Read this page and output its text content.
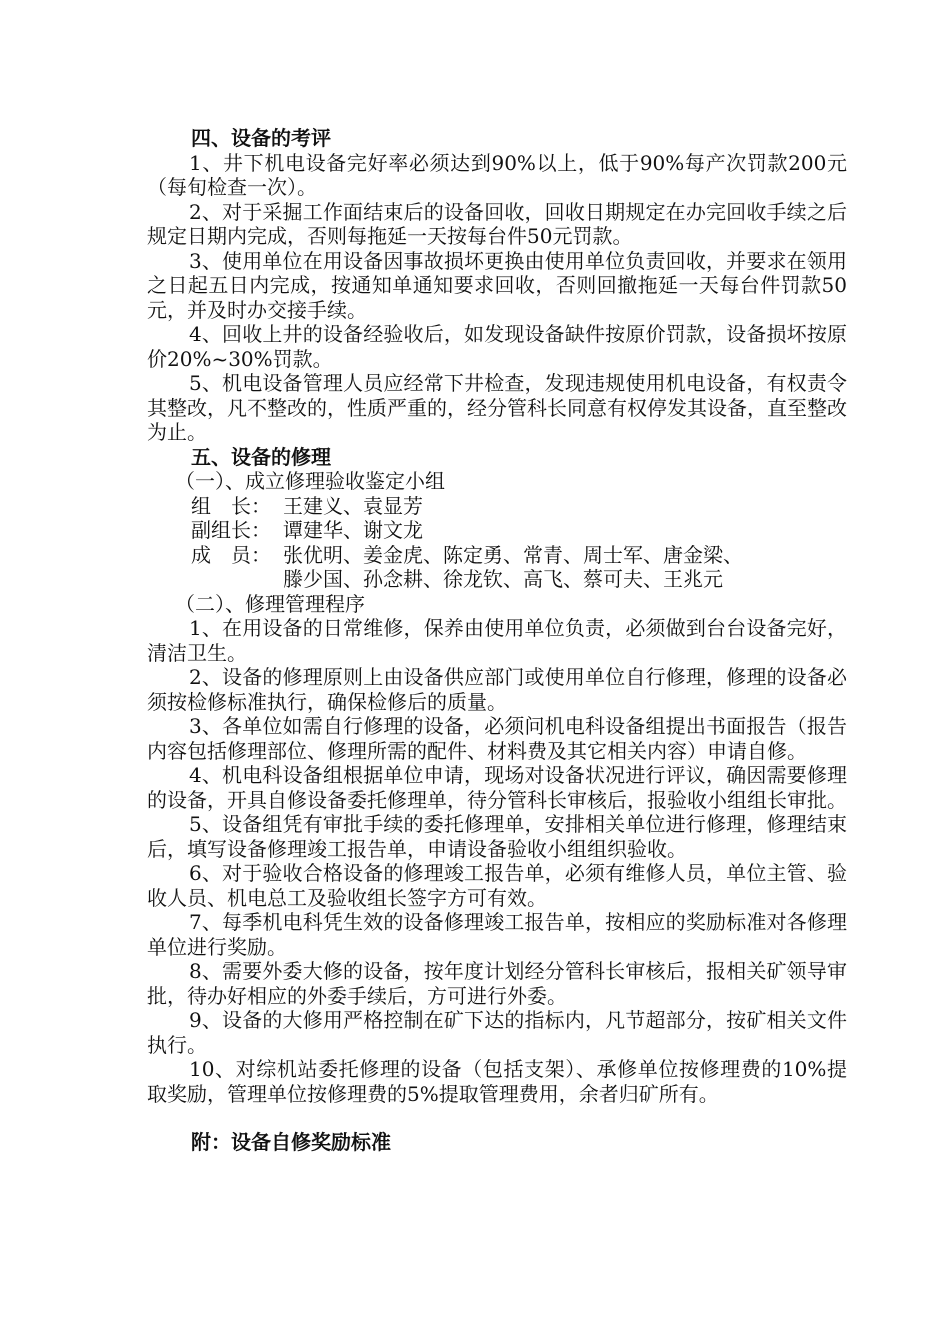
四、设备的考评

1、井下机电设备完好率必须达到90%以上，低于90%每产次罚款200元（每旬检查一次）。

2、对于采掘工作面结束后的设备回收，回收日期规定在办完回收手续之后规定日期内完成，否则每拖延一天按每台件50元罚款。

3、使用单位在用设备因事故损坏更换由使用单位负责回收，并要求在领用之日起五日内完成，按通知单通知要求回收，否则回撤拖延一天每台件罚款50元，并及时办交接手续。

4、回收上井的设备经验收后，如发现设备缺件按原价罚款，设备损坏按原价20%~30%罚款。

5、机电设备管理人员应经常下井检查，发现违规使用机电设备，有权责令其整改，凡不整改的，性质严重的，经分管科长同意有权停发其设备，直至整改为止。

五、设备的修理

（一）、成立修理验收鉴定小组

组　长： 王建义、袁显芳
副组长： 谭建华、谢文龙
成　员： 张优明、姜金虎、陈定勇、常青、周士军、唐金梁、
滕少国、孙念耕、徐龙钦、高飞、蔡可夫、王兆元

（二）、修理管理程序

1、在用设备的日常维修，保养由使用单位负责，必须做到台台设备完好，清洁卫生。

2、设备的修理原则上由设备供应部门或使用单位自行修理，修理的设备必须按检修标准执行，确保检修后的质量。

3、各单位如需自行修理的设备，必须问机电科设备组提出书面报告（报告内容包括修理部位、修理所需的配件、材料费及其它相关内容）申请自修。

4、机电科设备组根据单位申请，现场对设备状况进行评议，确因需要修理的设备，开具自修设备委托修理单，待分管科长审核后，报验收小组组长审批。

5、设备组凭有审批手续的委托修理单，安排相关单位进行修理，修理结束后，填写设备修理竣工报告单，申请设备验收小组组织验收。

6、对于验收合格设备的修理竣工报告单，必须有维修人员，单位主管、验收人员、机电总工及验收组长签字方可有效。

7、每季机电科凭生效的设备修理竣工报告单，按相应的奖励标准对各修理单位进行奖励。

8、需要外委大修的设备，按年度计划经分管科长审核后，报相关矿领导审批，待办好相应的外委手续后，方可进行外委。

9、设备的大修用严格控制在矿下达的指标内，凡节超部分，按矿相关文件执行。

10、对综机站委托修理的设备（包括支架）、承修单位按修理费的10%提取奖励，管理单位按修理费的5%提取管理费用，余者归矿所有。

附：设备自修奖励标准
